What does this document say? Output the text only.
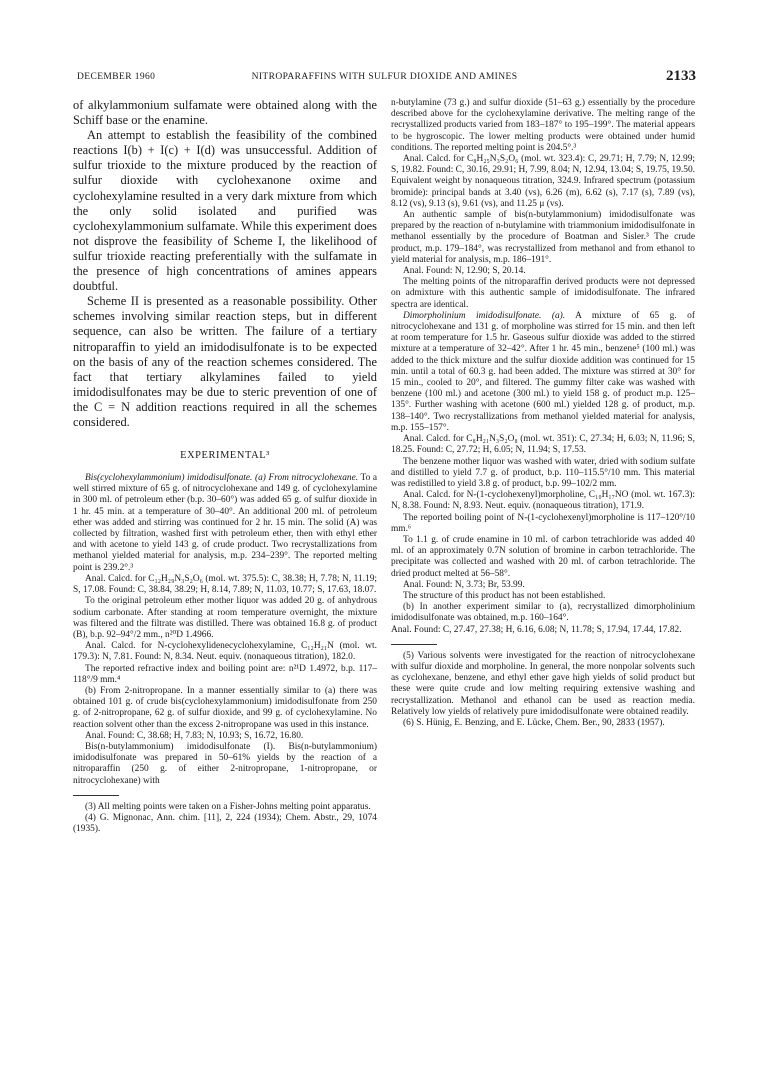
DECEMBER 1960	NITROPARAFFINS WITH SULFUR DIOXIDE AND AMINES	2133

of alkylammonium sulfamate were obtained along with the Schiff base or the enamine.

An attempt to establish the feasibility of the combined reactions I(b) + I(c) + I(d) was unsuccessful. Addition of sulfur trioxide to the mixture produced by the reaction of sulfur dioxide with cyclohexanone oxime and cyclohexylamine resulted in a very dark mixture from which the only solid isolated and purified was cyclohexylammonium sulfamate. While this experiment does not disprove the feasibility of Scheme I, the likelihood of sulfur trioxide reacting preferentially with the sulfamate in the presence of high concentrations of amines appears doubtful.

Scheme II is presented as a reasonable possibility. Other schemes involving similar reaction steps, but in different sequence, can also be written. The failure of a tertiary nitroparaffin to yield an imidodisulfonate is to be expected on the basis of any of the reaction schemes considered. The fact that tertiary alkylamines failed to yield imidodisulfonates may be due to steric prevention of one of the C = N addition reactions required in all the schemes considered.

EXPERIMENTAL³

Bis(cyclohexylammonium) imidodisulfonate. (a) From nitrocyclohexane. To a well stirred mixture of 65 g. of nitrocyclohexane and 149 g. of cyclohexylamine in 300 ml. of petroleum ether (b.p. 30–60°) was added 65 g. of sulfur dioxide in 1 hr. 45 min. at a temperature of 30–40°. An additional 200 ml. of petroleum ether was added and stirring was continued for 2 hr. 15 min. The solid (A) was collected by filtration, washed first with petroleum ether, then with ethyl ether and with acetone to yield 143 g. of crude product. Two recrystallizations from methanol yielded material for analysis, m.p. 234–239°. The reported melting point is 239.2°.³

Anal. Calcd. for C₁₂H₂₉N₃S₂O₆ (mol. wt. 375.5): C, 38.38; H, 7.78; N, 11.19; S, 17.08. Found: C, 38.84, 38.29; H, 8.14, 7.89; N, 11.03, 10.77; S, 17.63, 18.07.

To the original petroleum ether mother liquor was added 20 g. of anhydrous sodium carbonate. After standing at room temperature overnight, the mixture was filtered and the filtrate was distilled. There was obtained 16.8 g. of product (B), b.p. 92–94°/2 mm., n²⁰D 1.4966.

Anal. Calcd. for N-cyclohexylidenecyclohexylamine, C₁₂H₂₁N (mol. wt. 179.3): N, 7.81. Found: N, 8.34. Neut. equiv. (nonaqueous titration), 182.0.

The reported refractive index and boiling point are: n²¹D 1.4972, b.p. 117–118°/9 mm.⁴

(b) From 2-nitropropane. In a manner essentially similar to (a) there was obtained 101 g. of crude bis(cyclohexylammonium) imidodisulfonate from 250 g. of 2-nitropropane, 62 g. of sulfur dioxide, and 99 g. of cyclohexylamine. No reaction solvent other than the excess 2-nitropropane was used in this instance.

Anal. Found: C, 38.68; H, 7.83; N, 10.93; S, 16.72, 16.80.

Bis(n-butylammonium) imidodisulfonate (I). Bis(n-butylammonium) imidodisulfonate was prepared in 50–61% yields by the reaction of a nitroparaffin (250 g. of either 2-nitropropane, 1-nitropropane, or nitrocyclohexane) with

(3) All melting points were taken on a Fisher-Johns melting point apparatus.

(4) G. Mignonac, Ann. chim. [11], 2, 224 (1934); Chem. Abstr., 29, 1074 (1935).

n-butylamine (73 g.) and sulfur dioxide (51–63 g.) essentially by the procedure described above for the cyclohexylamine derivative. The melting range of the recrystallized products varied from 183–187° to 195–199°. The material appears to be hygroscopic. The lower melting products were obtained under humid conditions. The reported melting point is 204.5°.³

Anal. Calcd. for C₈H₂₅N₃S₂O₆ (mol. wt. 323.4): C, 29.71; H, 7.79; N, 12.99; S, 19.82. Found: C, 30.16, 29.91; H, 7.99, 8.04; N, 12.94, 13.04; S, 19.75, 19.50. Equivalent weight by nonaqueous titration, 324.9. Infrared spectrum (potassium bromide): principal bands at 3.40 (vs), 6.26 (m), 6.62 (s), 7.17 (s), 7.89 (vs), 8.12 (vs), 9.13 (s), 9.61 (vs), and 11.25 μ (vs).

An authentic sample of bis(n-butylammonium) imidodisulfonate was prepared by the reaction of n-butylamine with triammonium imidodisulfonate in methanol essentially by the procedure of Boatman and Sisler.³ The crude product, m.p. 179–184°, was recrystallized from methanol and from ethanol to yield material for analysis, m.p. 186–191°.

Anal. Found: N, 12.90; S, 20.14.

The melting points of the nitroparaffin derived products were not depressed on admixture with this authentic sample of imidodisulfonate. The infrared spectra are identical.

Dimorpholinium imidodisulfonate. (a). A mixture of 65 g. of nitrocyclohexane and 131 g. of morpholine was stirred for 15 min. and then left at room temperature for 1.5 hr. Gaseous sulfur dioxide was added to the stirred mixture at a temperature of 32–42°. After 1 hr. 45 min., benzene⁵ (100 ml.) was added to the thick mixture and the sulfur dioxide addition was continued for 15 min. until a total of 60.3 g. had been added. The mixture was stirred at 30° for 15 min., cooled to 20°, and filtered. The gummy filter cake was washed with benzene (100 ml.) and acetone (300 ml.) to yield 158 g. of product m.p. 125–135°. Further washing with acetone (600 ml.) yielded 128 g. of product, m.p. 138–140°. Two recrystallizations from methanol yielded material for analysis, m.p. 155–157°.

Anal. Calcd. for C₈H₂₁N₃S₂O₈ (mol. wt. 351): C, 27.34; H, 6.03; N, 11.96; S, 18.25. Found: C, 27.72; H, 6.05; N, 11.94; S, 17.53.

The benzene mother liquor was washed with water, dried with sodium sulfate and distilled to yield 7.7 g. of product, b.p. 110–115.5°/10 mm. This material was redistilled to yield 3.8 g. of product, b.p. 99–102/2 mm.

Anal. Calcd. for N-(1-cyclohexenyl)morpholine, C₁₀H₁₇NO (mol. wt. 167.3): N, 8.38. Found: N, 8.93. Neut. equiv. (nonaqueous titration), 171.9.

The reported boiling point of N-(1-cyclohexenyl)morpholine is 117–120°/10 mm.⁶

To 1.1 g. of crude enamine in 10 ml. of carbon tetrachloride was added 40 ml. of an approximately 0.7N solution of bromine in carbon tetrachloride. The precipitate was collected and washed with 20 ml. of carbon tetrachloride. The dried product melted at 56–58°.

Anal. Found: N, 3.73; Br, 53.99.

The structure of this product has not been established.

(b) In another experiment similar to (a), recrystallized dimorpholinium imidodisulfonate was obtained, m.p. 160–164°.

Anal. Found: C, 27.47, 27.38; H, 6.16, 6.08; N, 11.78; S, 17.94, 17.44, 17.82.

(5) Various solvents were investigated for the reaction of nitrocyclohexane with sulfur dioxide and morpholine. In general, the more nonpolar solvents such as cyclohexane, benzene, and ethyl ether gave high yields of solid product but these were quite crude and low melting requiring extensive washing and recrystallization. Methanol and ethanol can be used as reaction media. Relatively low yields of relatively pure imidodisulfonate were obtained readily.

(6) S. Hünig, E. Benzing, and E. Lücke, Chem. Ber., 90, 2833 (1957).
